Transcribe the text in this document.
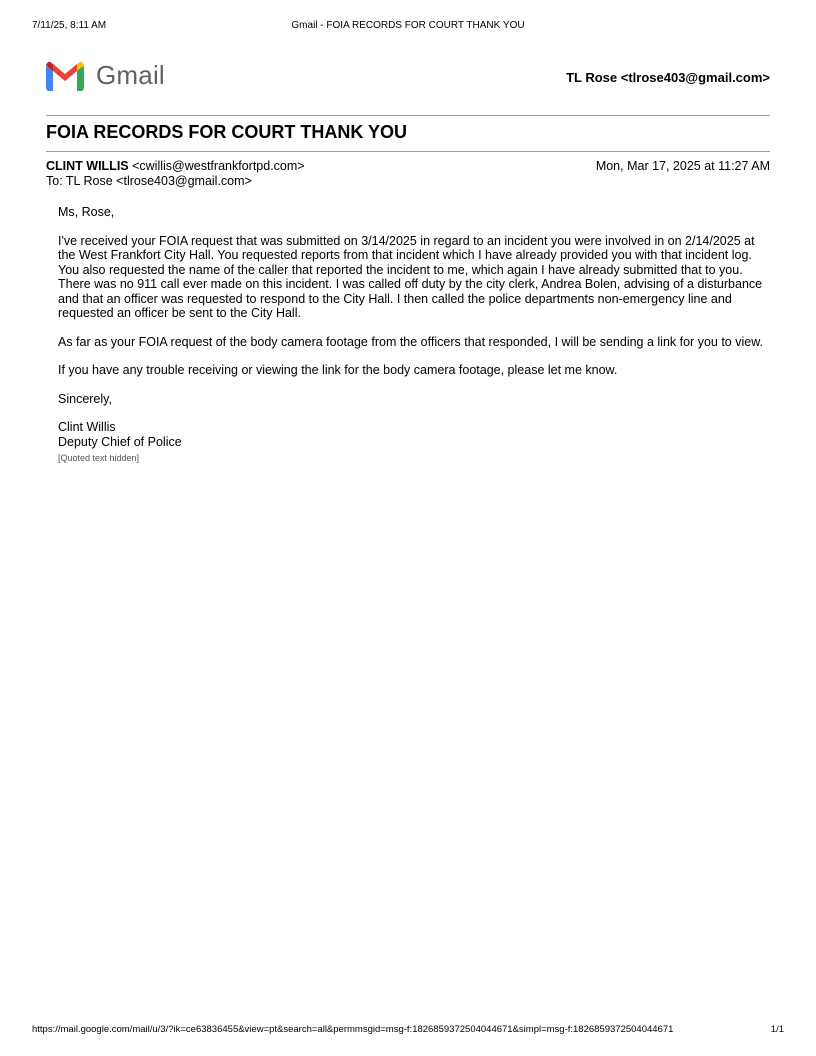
7/11/25, 8:11 AM	Gmail - FOIA RECORDS FOR COURT THANK YOU
Gmail	TL Rose <tlrose403@gmail.com>
FOIA RECORDS FOR COURT THANK YOU
CLINT WILLIS <cwillis@westfrankfortpd.com>
To: TL Rose <tlrose403@gmail.com>
Mon, Mar 17, 2025 at 11:27 AM

Ms, Rose,

I've received your FOIA request that was submitted on 3/14/2025 in regard to an incident you were involved in on 2/14/2025 at the West Frankfort City Hall. You requested reports from that incident which I have already provided you with that incident log. You also requested the name of the caller that reported the incident to me, which again I have already submitted that to you. There was no 911 call ever made on this incident. I was called off duty by the city clerk, Andrea Bolen, advising of a disturbance and that an officer was requested to respond to the City Hall. I then called the police departments non-emergency line and requested an officer be sent to the City Hall.

As far as your FOIA request of the body camera footage from the officers that responded, I will be sending a link for you to view.

If you have any trouble receiving or viewing the link for the body camera footage, please let me know.

Sincerely,

Clint Willis

Deputy Chief of Police

[Quoted text hidden]
https://mail.google.com/mail/u/3/?ik=ce63836455&view=pt&search=all&permmsgid=msg-f:1826859372504044671&simpl=msg-f:1826859372504044671	1/1
